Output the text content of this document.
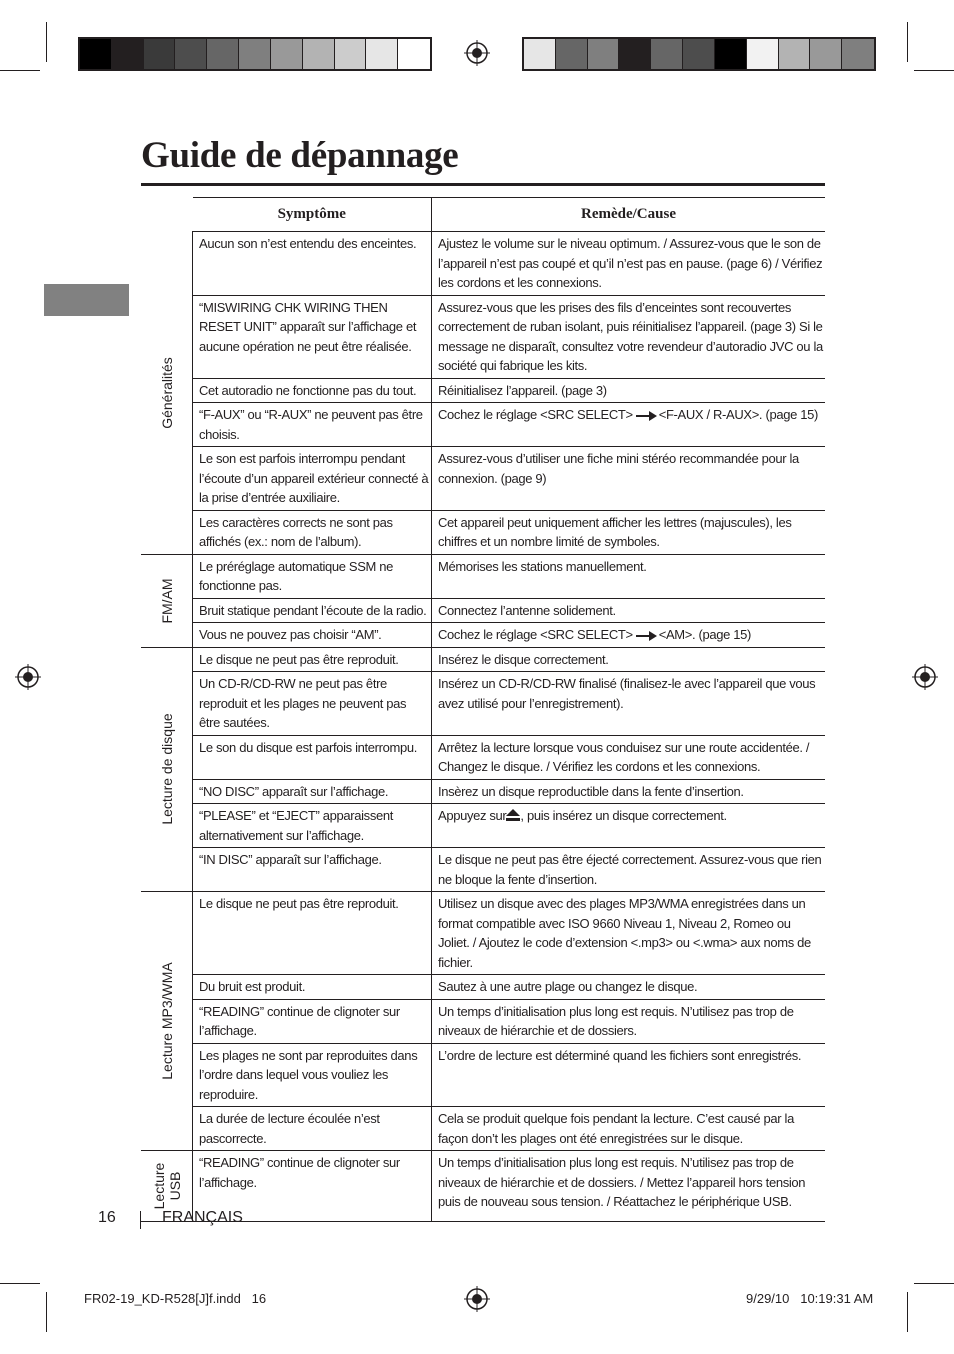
Guide de dépannage
	Symptôme	Remède/Cause

Généralités	Aucun son n’est entendu des enceintes.	Ajustez le volume sur le niveau optimum. / Assurez-vous que le son de l’appareil n’est pas coupé et qu’il n’est pas en pause. (page 6) / Vérifiez les cordons et les connexions.
	“MISWIRING CHK WIRING THEN RESET UNIT” apparaît sur l’affichage et aucune opération ne peut être réalisée.	Assurez-vous que les prises des fils d’enceintes sont recouvertes correctement de ruban isolant, puis réinitialisez l’appareil. (page 3) Si le message ne disparaît, consultez votre revendeur d’autoradio JVC ou la société qui fabrique les kits.
	Cet autoradio ne fonctionne pas du tout.	Réinitialisez l’appareil. (page 3)
	“F-AUX” ou “R-AUX” ne peuvent pas être choisis.	Cochez le réglage <SRC SELECT> <F-AUX / R-AUX>. (page 15)
	Le son est parfois interrompu pendant l’écoute d’un appareil extérieur connecté à la prise d’entrée auxiliaire.	Assurez-vous d’utiliser une fiche mini stéréo recommandée pour la connexion. (page 9)
	Les caractères corrects ne sont pas affichés (ex.: nom de l’album).	Cet appareil peut uniquement afficher les lettres (majuscules), les chiffres et un nombre limité de symboles.

FM/AM	Le préréglage automatique SSM ne fonctionne pas.	Mémorises les stations manuellement.
	Bruit statique pendant l’écoute de la radio.	Connectez l’antenne solidement.
	Vous ne pouvez pas choisir “AM”.	Cochez le réglage <SRC SELECT> <AM>. (page 15)

Lecture de disque	Le disque ne peut pas être reproduit.	Insérez le disque correctement.
	Un CD-R/CD-RW ne peut pas être reproduit et les plages ne peuvent pas être sautées.	Insérez un CD-R/CD-RW finalisé (finalisez-le avec l’appareil que vous avez utilisé pour l’enregistrement).
	Le son du disque est parfois interrompu.	Arrêtez la lecture lorsque vous conduisez sur une route accidentée. / Changez le disque. / Vérifiez les cordons et les connexions.
	“NO DISC” apparaît sur l’affichage.	Insèrez un disque reproductible dans la fente d’insertion.
	“PLEASE” et “EJECT” apparaissent alternativement sur l’affichage.	Appuyez sur , puis insérez un disque correctement.
	“IN DISC” apparaît sur l’affichage.	Le disque ne peut pas être éjecté correctement. Assurez-vous que rien ne bloque la fente d’insertion.

Lecture MP3/WMA	Le disque ne peut pas être reproduit.	Utilisez un disque avec des plages MP3/WMA enregistrées dans un format compatible avec ISO 9660 Niveau 1, Niveau 2, Romeo ou Joliet. / Ajoutez le code d’extension <.mp3> ou <.wma> aux noms de fichier.
	Du bruit est produit.	Sautez à une autre plage ou changez le disque.
	“READING” continue de clignoter sur l’affichage.	Un temps d’initialisation plus long est requis. N’utilisez pas trop de niveaux de hiérarchie et de dossiers.
	Les plages ne sont par reproduites dans l’ordre dans lequel vous vouliez les reproduire.	L’ordre de lecture est déterminé quand les fichiers sont enregistrés.
	La durée de lecture écoulée n’est pascorrecte.	Cela se produit quelque fois pendant la lecture. C’est causé par la façon don’t les plages ont été enregistrées sur le disque.

Lecture USB	“READING” continue de clignoter sur l’affichage.	Un temps d’initialisation plus long est requis. N’utilisez pas trop de niveaux de hiérarchie et de dossiers. / Mettez l’appareil hors tension puis de nouveau sous tension. / Réattachez le périphérique USB.
16	FRANÇAIS
FR02-19_KD-R528[J]f.indd   16	9/29/10   10:19:31 AM
